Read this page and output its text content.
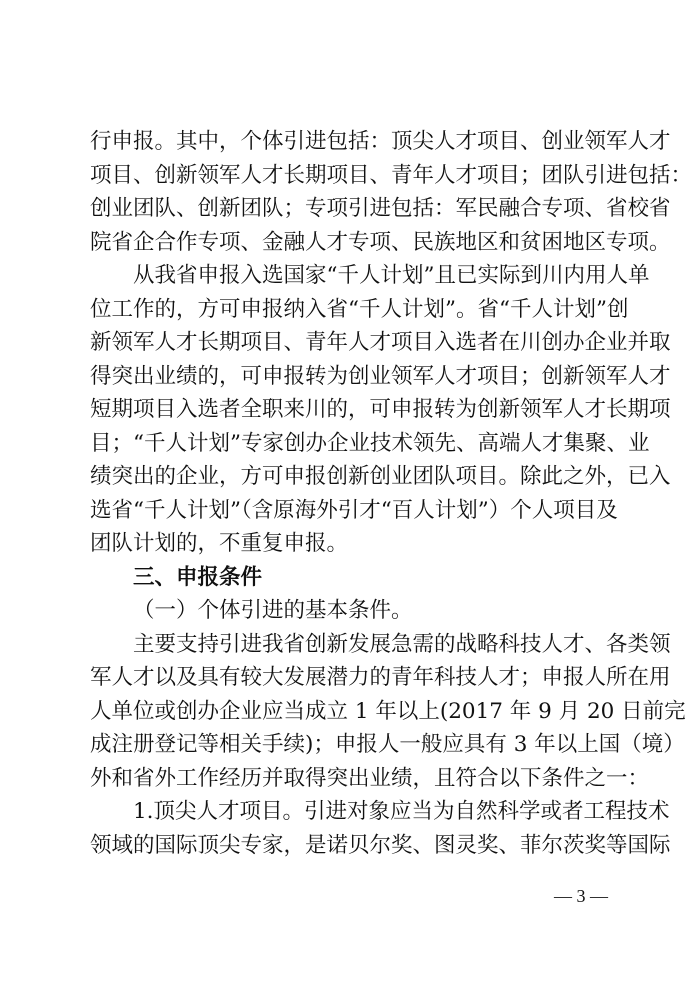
行申报。其中，个体引进包括：顶尖人才项目、创业领军人才
项目、创新领军人才长期项目、青年人才项目；团队引进包括：
创业团队、创新团队；专项引进包括：军民融合专项、省校省
院省企合作专项、金融人才专项、民族地区和贫困地区专项。
从我省申报入选国家“千人计划”且已实际到川内用人单
位工作的，方可申报纳入省“千人计划”。省“千人计划”创
新领军人才长期项目、青年人才项目入选者在川创办企业并取
得突出业绩的，可申报转为创业领军人才项目；创新领军人才
短期项目入选者全职来川的，可申报转为创新领军人才长期项
目；“千人计划”专家创办企业技术领先、高端人才集聚、业
绩突出的企业，方可申报创新创业团队项目。除此之外，已入
选省“千人计划”（含原海外引才“百人计划”）个人项目及
团队计划的，不重复申报。
三、申报条件
（一）个体引进的基本条件。
主要支持引进我省创新发展急需的战略科技人才、各类领
军人才以及具有较大发展潜力的青年科技人才；申报人所在用
人单位或创办企业应当成立 1 年以上(2017 年 9 月 20 日前完
成注册登记等相关手续)；申报人一般应具有 3 年以上国（境）
外和省外工作经历并取得突出业绩，且符合以下条件之一：
1.顶尖人才项目。引进对象应当为自然科学或者工程技术
领域的国际顶尖专家，是诺贝尔奖、图灵奖、菲尔茨奖等国际
— 3 —
